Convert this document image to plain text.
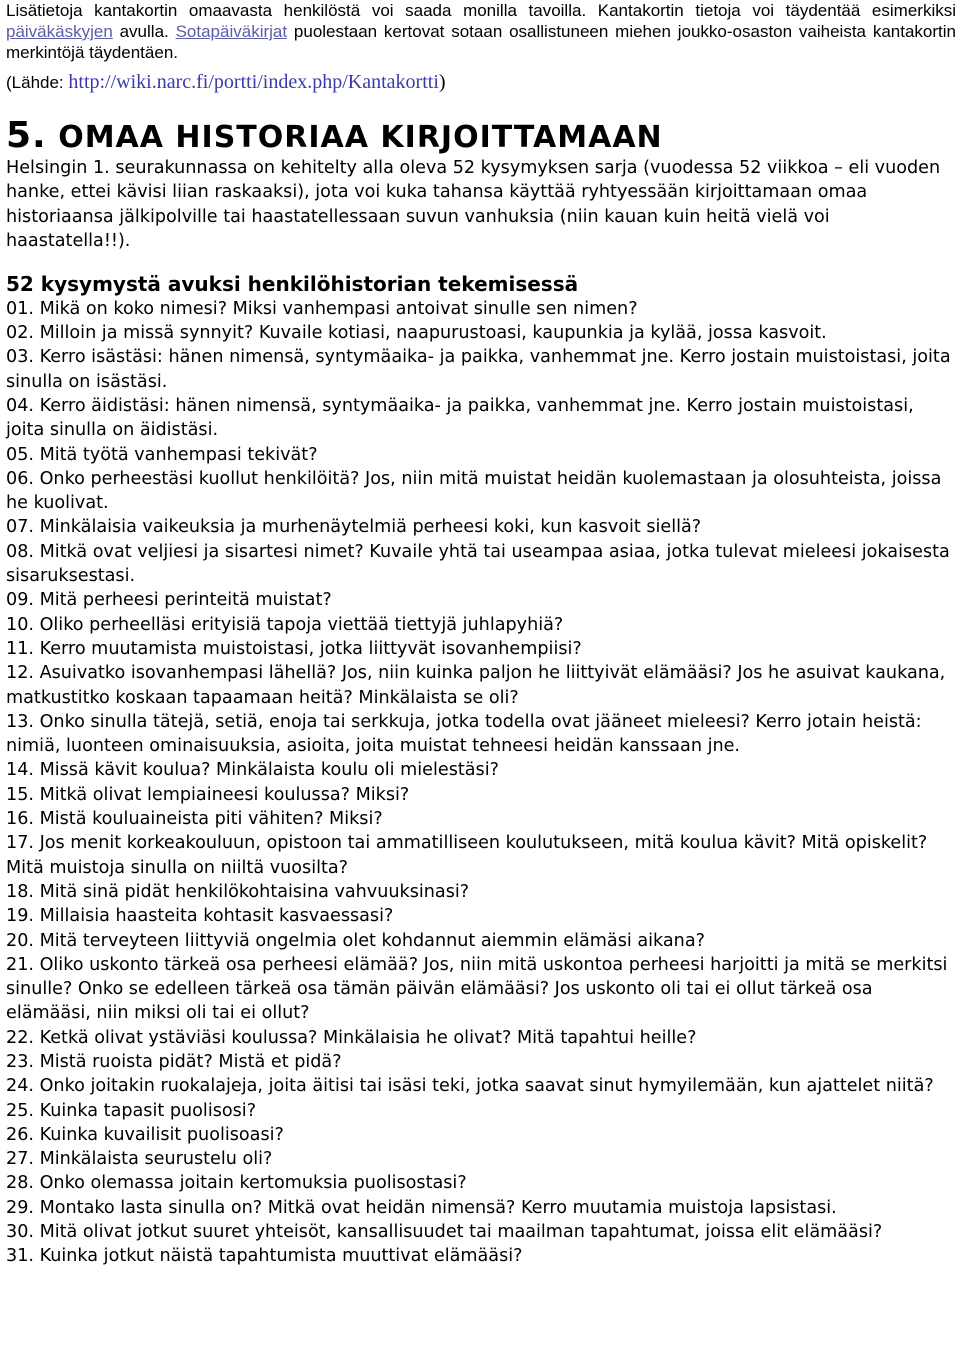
Lisätietoja kantakortin omaavasta henkilöstä voi saada monilla tavoilla. Kantakortin tietoja voi täydentää esimerkiksi päiväkäskyjen avulla. Sotapäiväkirjat puolestaan kertovat sotaan osallistuneen miehen joukko-osaston vaiheista kantakortin merkintöjä täydentäen.

(Lähde: http://wiki.narc.fi/portti/index.php/Kantakortti)

5. OMAA HISTORIAA KIRJOITTAMAAN

Helsingin 1. seurakunnassa on kehitelty alla oleva 52 kysymyksen sarja (vuodessa 52 viikkoa – eli vuoden hanke, ettei kävisi liian raskaaksi), jota voi kuka tahansa käyttää ryhtyessään kirjoittamaan omaa historiaansa jälkipolville tai haastatellessaan suvun vanhuksia (niin kauan kuin heitä vielä voi haastatella!!).

52 kysymystä avuksi henkilöhistorian tekemisessä

01. Mikä on koko nimesi? Miksi vanhempasi antoivat sinulle sen nimen?

02. Milloin ja missä synnyit? Kuvaile kotiasi, naapurustoasi, kaupunkia ja kylää, jossa kasvoit.

03. Kerro isästäsi: hänen nimensä, syntymäaika- ja paikka, vanhemmat jne. Kerro jostain muistoistasi, joita sinulla on isästäsi.

04. Kerro äidistäsi: hänen nimensä, syntymäaika- ja paikka, vanhemmat jne. Kerro jostain muistoistasi, joita sinulla on äidistäsi.

05. Mitä työtä vanhempasi tekivät?

06. Onko perheestäsi kuollut henkilöitä? Jos, niin mitä muistat heidän kuolemastaan ja olosuhteista, joissa he kuolivat.

07. Minkälaisia vaikeuksia ja murhenäytelmiä perheesi koki, kun kasvoit siellä?

08. Mitkä ovat veljiesi ja sisartesi nimet? Kuvaile yhtä tai useampaa asiaa, jotka tulevat mieleesi jokaisesta sisaruksestasi.

09. Mitä perheesi perinteitä muistat?

10. Oliko perheelläsi erityisiä tapoja viettää tiettyjä juhlapyhiä?

11. Kerro muutamista muistoistasi, jotka liittyvät isovanhempiisi?

12. Asuivatko isovanhempasi lähellä? Jos, niin kuinka paljon he liittyivät elämääsi? Jos he asuivat kaukana, matkustitko koskaan tapaamaan heitä? Minkälaista se oli?

13. Onko sinulla tätejä, setiä, enoja tai serkkuja, jotka todella ovat jääneet mieleesi? Kerro jotain heistä: nimiä, luonteen ominaisuuksia, asioita, joita muistat tehneesi heidän kanssaan jne.

14. Missä kävit koulua? Minkälaista koulu oli mielestäsi?

15. Mitkä olivat lempiaineesi koulussa? Miksi?

16. Mistä kouluaineista piti vähiten? Miksi?

17. Jos menit korkeakouluun, opistoon tai ammatilliseen koulutukseen, mitä koulua kävit? Mitä opiskelit? Mitä muistoja sinulla on niiltä vuosilta?

18. Mitä sinä pidät henkilökohtaisina vahvuuksinasi?

19. Millaisia haasteita kohtasit kasvaessasi?

20. Mitä terveyteen liittyviä ongelmia olet kohdannut aiemmin elämäsi aikana?

21. Oliko uskonto tärkeä osa perheesi elämää? Jos, niin mitä uskontoa perheesi harjoitti ja mitä se merkitsi sinulle? Onko se edelleen tärkeä osa tämän päivän elämääsi? Jos uskonto oli tai ei ollut tärkeä osa elämääsi, niin miksi oli tai ei ollut?

22. Ketkä olivat ystäviäsi koulussa? Minkälaisia he olivat? Mitä tapahtui heille?

23. Mistä ruoista pidät? Mistä et pidä?

24. Onko joitakin ruokalajeja, joita äitisi tai isäsi teki, jotka saavat sinut hymyilemään, kun ajattelet niitä?

25. Kuinka tapasit puolisosi?

26. Kuinka kuvailisit puolisoasi?

27. Minkälaista seurustelu oli?

28. Onko olemassa joitain kertomuksia puolisostasi?

29. Montako lasta sinulla on? Mitkä ovat heidän nimensä? Kerro muutamia muistoja lapsistasi.

30. Mitä olivat jotkut suuret yhteisöt, kansallisuudet tai maailman tapahtumat, joissa elit elämääsi?

31. Kuinka jotkut näistä tapahtumista muuttivat elämääsi?
